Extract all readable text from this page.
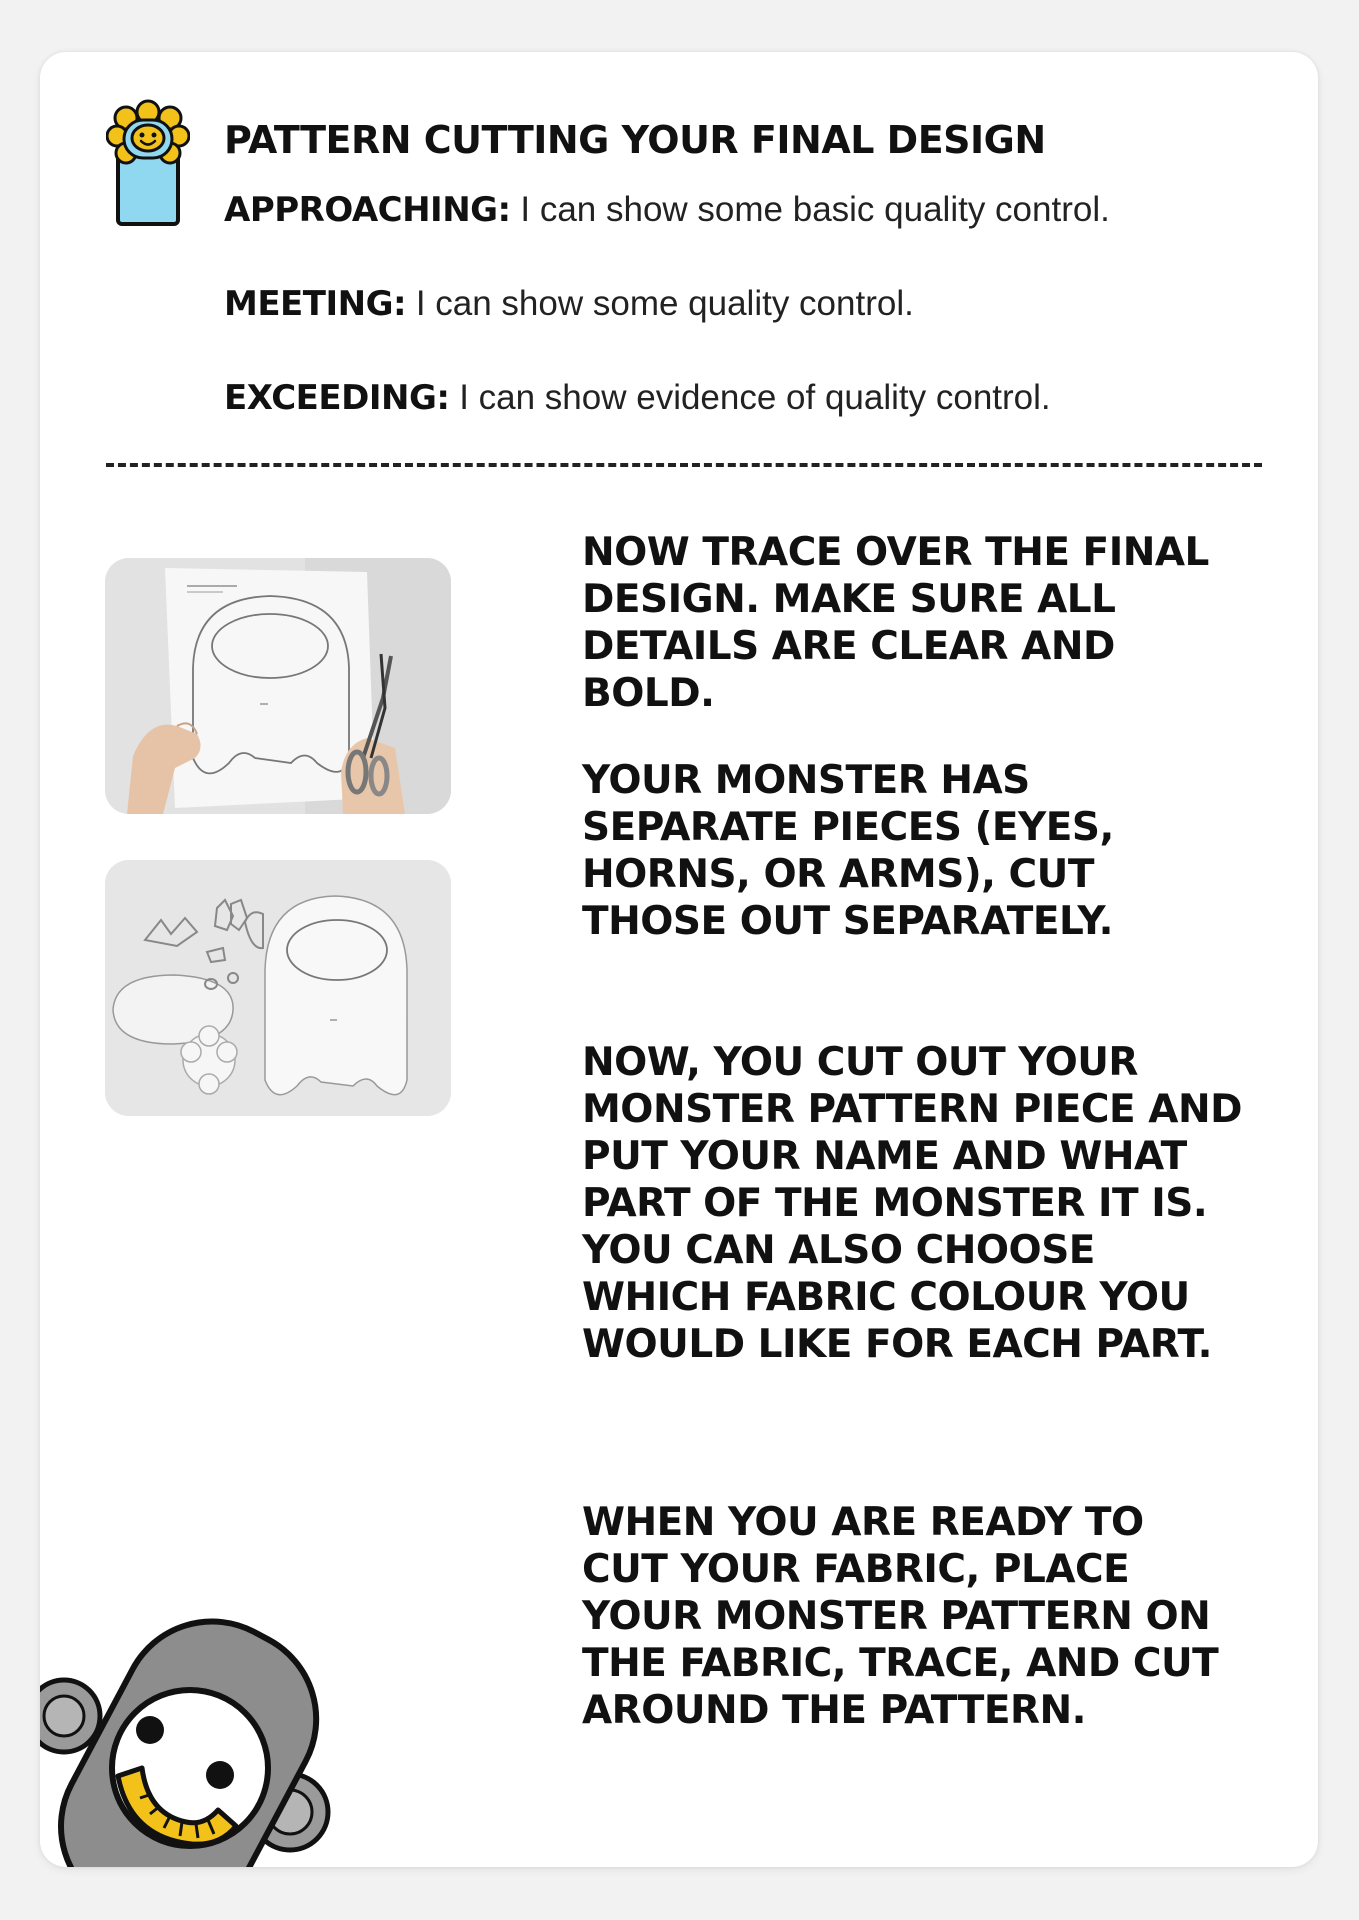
PATTERN CUTTING YOUR FINAL DESIGN
APPROACHING: I can show some basic quality control.
MEETING: I can show some quality control.
EXCEEDING: I can show evidence of quality control.

NOW TRACE OVER THE FINAL DESIGN. MAKE SURE ALL DETAILS ARE CLEAR AND BOLD.

YOUR MONSTER HAS SEPARATE PIECES (EYES, HORNS, OR ARMS), CUT THOSE OUT SEPARATELY.

NOW, YOU CUT OUT YOUR MONSTER PATTERN PIECE AND PUT YOUR NAME AND WHAT PART OF THE MONSTER IT IS. YOU CAN ALSO CHOOSE WHICH FABRIC COLOUR YOU WOULD LIKE FOR EACH PART.

WHEN YOU ARE READY TO CUT YOUR FABRIC, PLACE YOUR MONSTER PATTERN ON THE FABRIC, TRACE, AND CUT AROUND THE PATTERN.
